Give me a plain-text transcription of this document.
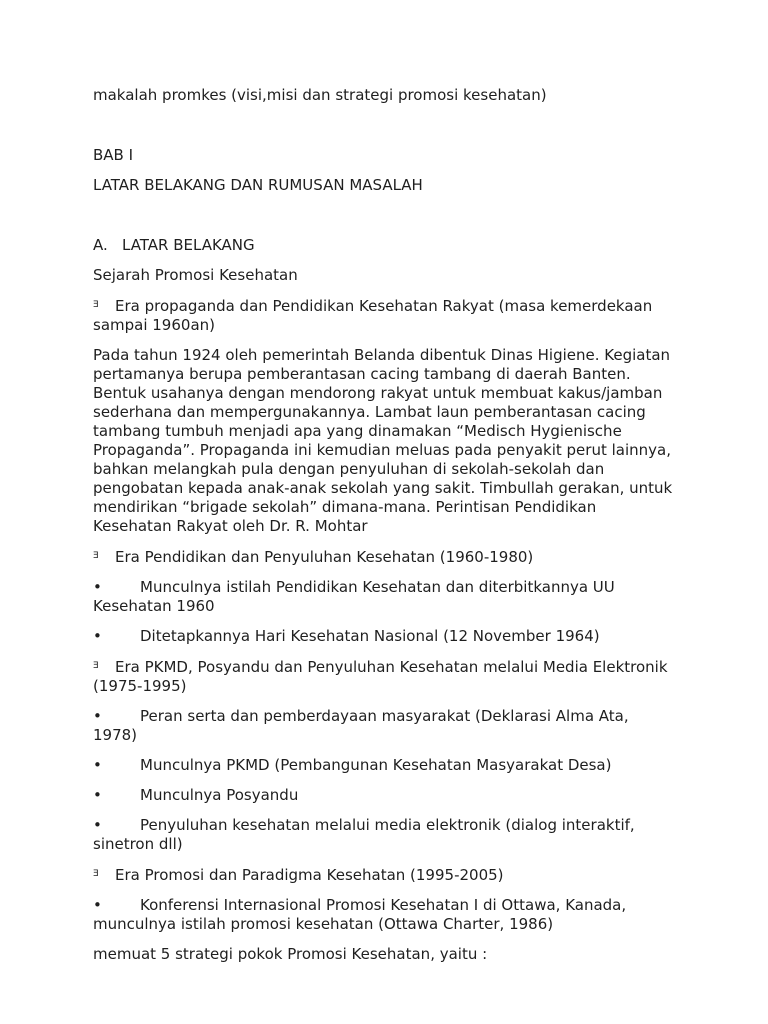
makalah promkes (visi,misi dan strategi promosi kesehatan)

BAB I

LATAR BELAKANG DAN RUMUSAN MASALAH

A. LATAR BELAKANG

Sejarah Promosi Kesehatan

Ǝ Era propaganda dan Pendidikan Kesehatan Rakyat (masa kemerdekaan sampai 1960an)

Pada tahun 1924 oleh pemerintah Belanda dibentuk Dinas Higiene. Kegiatan pertamanya berupa pemberantasan cacing tambang di daerah Banten. Bentuk usahanya dengan mendorong rakyat untuk membuat kakus/jamban sederhana dan mempergunakannya. Lambat laun pemberantasan cacing tambang tumbuh menjadi apa yang dinamakan “Medisch Hygienische Propaganda”. Propaganda ini kemudian meluas pada penyakit perut lainnya, bahkan melangkah pula dengan penyuluhan di sekolah-sekolah dan pengobatan kepada anak-anak sekolah yang sakit. Timbullah gerakan, untuk mendirikan “brigade sekolah” dimana-mana. Perintisan Pendidikan Kesehatan Rakyat oleh Dr. R. Mohtar

Ǝ Era Pendidikan dan Penyuluhan Kesehatan (1960-1980)

•	Munculnya istilah Pendidikan Kesehatan dan diterbitkannya UU Kesehatan 1960

•	Ditetapkannya Hari Kesehatan Nasional (12 November 1964)

Ǝ Era PKMD, Posyandu dan Penyuluhan Kesehatan melalui Media Elektronik (1975-1995)

•	Peran serta dan pemberdayaan masyarakat (Deklarasi Alma Ata, 1978)

•	Munculnya PKMD (Pembangunan Kesehatan Masyarakat Desa)

•	Munculnya Posyandu

•	Penyuluhan kesehatan melalui media elektronik (dialog interaktif, sinetron dll)

Ǝ Era Promosi dan Paradigma Kesehatan (1995-2005)

•	Konferensi Internasional Promosi Kesehatan I di Ottawa, Kanada, munculnya istilah promosi kesehatan (Ottawa Charter, 1986)

memuat 5 strategi pokok Promosi Kesehatan, yaitu :
